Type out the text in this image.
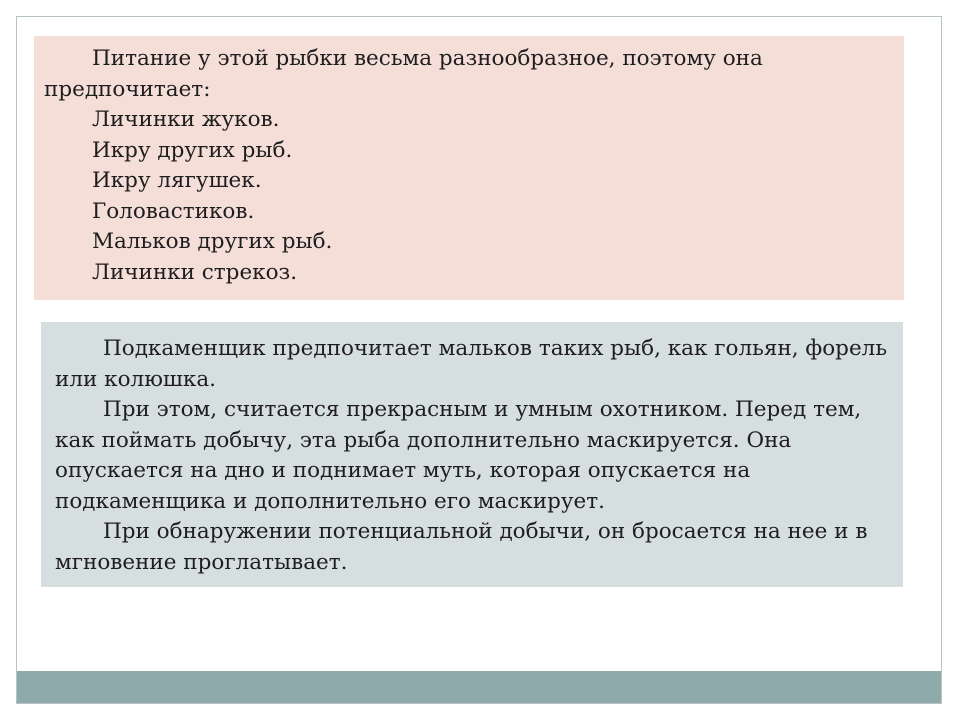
Питание у этой рыбки весьма разнообразное, поэтому она предпочитает:

Личинки жуков.

Икру других рыб.

Икру лягушек.

Головастиков.

Мальков других рыб.

Личинки стрекоз.

Подкаменщик предпочитает мальков таких рыб, как гольян, форель или колюшка.

При этом, считается прекрасным и умным охотником. Перед тем, как поймать добычу, эта рыба дополнительно маскируется. Она опускается на дно и поднимает муть, которая опускается на подкаменщика и дополнительно его маскирует.

При обнаружении потенциальной добычи, он бросается на нее и в мгновение проглатывает.
